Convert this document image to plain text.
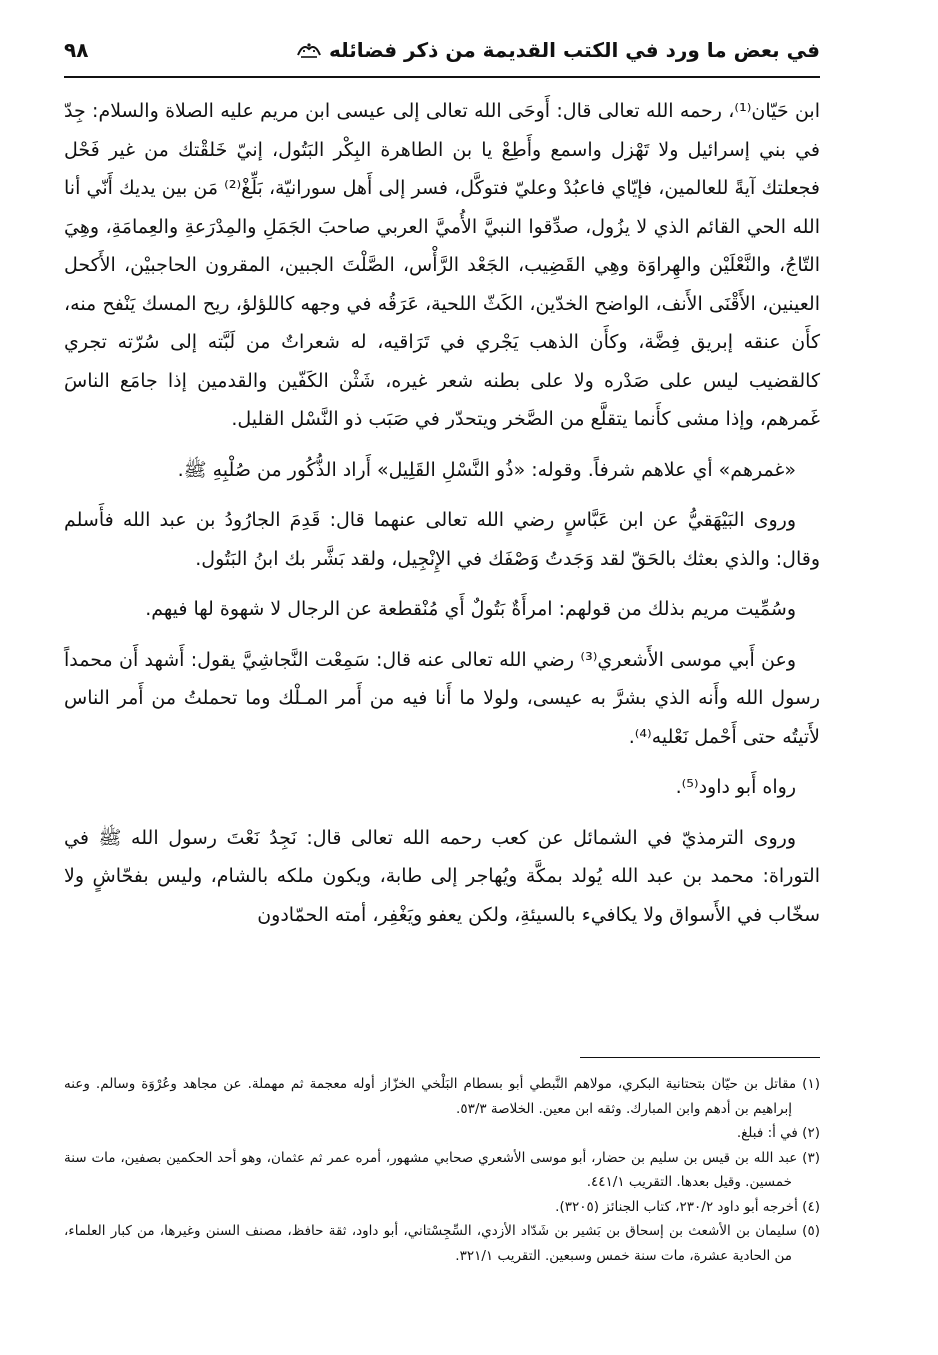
في بعض ما ورد في الكتب القديمة من ذكر فضائله
٩٨

ابن حَيّان⁽¹⁾، رحمه الله تعالى قال: أَوحَى الله تعالى إلى عيسى ابن مريم عليه الصلاة والسلام: جِدّ في بني إسرائيل ولا تَهْزل واسمع وأَطِعْ يا بن الطاهرة البِكْر البَتُول، إنيّ خَلقْتك من غير فَحْل فجعلتك آيةً للعالمين، فإيّاي فاعبُدْ وعليّ فتوكَّل، فسر إلى أَهل سورانيّة، بَلِّغْ⁽²⁾ مَن بين يديك أَنّي أنا الله الحي القائم الذي لا يزُول، صدِّقوا النبيَّ الأُميَّ العربي صاحبَ الجَمَلِ والمِدْرَعةِ والعِمامَةِ، وهِيَ التّاجُ، والنَّعْلَيْن والهِراوَة وهِي القَضِيب، الجَعْد الرَّأْس، الصَّلْتَ الجبين، المقرون الحاجبيْن، الأَكحل العينين، الأَقْنَى الأَنف، الواضح الخدّين، الكَثّ اللحية، عَرَقُه في وجهه كاللؤلؤ، ريح المسك يَنْفح منه، كأَن عنقه إبريق فِضَّة، وكأَن الذهب يَجْري في تَرَاقيه، له شعراتٌ من لَبَّته إلى سُرّته تجري كالقضيب ليس على صَدْره ولا على بطنه شعر غيره، شَثْن الكَفّين والقدمين إذا جامَع الناسَ غَمرهم، وإذا مشى كأَنما يتقلَّع من الصَّخر ويتحدّر في صَبَب ذو النَّسْل القليل.

«غمرهم» أي علاهم شرفاً. وقوله: «ذُو النَّسْلِ القَلِيل» أَراد الذُّكُور من صُلْبِهِ ﷺ.

وروى البَيْهَقيُّ عن ابن عَبَّاسٍ رضي الله تعالى عنهما قال: قَدِمَ الجارُودُ بن عبد الله فأَسلم وقال: والذي بعثك بالحَقّ لقد وَجَدتُ وَصْفَك في الإِنْجِيل، ولقد بَشَّر بك ابنُ البَتُول.

وسُمِّيت مريم بذلك من قولهم: امرأَةٌ بَتُولٌ أَي مُنْقطعة عن الرجال لا شهوة لها فيهم.

وعن أَبي موسى الأَشعري⁽³⁾ رضي الله تعالى عنه قال: سَمِعْت النَّجاشِيَّ يقول: أَشهد أَن محمداً رسول الله وأَنه الذي بشرَّ به عيسى، ولولا ما أَنا فيه من أَمر المـلْك وما تحملتُ من أَمر الناس لأَتيتُه حتى أَحْمل نَعْليه⁽⁴⁾.

رواه أَبو داود⁽⁵⁾.

وروى الترمذيّ في الشمائل عن كعب رحمه الله تعالى قال: نَجِدُ نَعْتَ رسول الله ﷺ في التوراة: محمد بن عبد الله يُولد بمكَّة ويُهاجر إلى طابة، ويكون ملكه بالشام، وليس بفحّاشٍ ولا سخّاب في الأَسواق ولا يكافيء بالسيئةِ، ولكن يعفو ويَغْفِر، أمته الحمّادون

(١) مقاتل بن حيّان بتحتانية البكري، مولاهم النَّبطي أبو بسطام البَلْخي الخزّاز أوله معجمة ثم مهملة. عن مجاهد وعُرْوَة وسالم. وعنه إبراهيم بن أدهم وابن المبارك. وثقه ابن معين. الخلاصة ٥٣/٣.

(٢) في أ: فبلغ.

(٣) عبد الله بن قيس بن سليم بن حضار، أبو موسى الأشعري صحابي مشهور، أمره عمر ثم عثمان، وهو أحد الحكمين بصفين، مات سنة خمسين. وقيل بعدها. التقريب ٤٤١/١.

(٤) أخرجه أبو داود ٢٣٠/٢، كتاب الجنائز (٣٢٠٥).

(٥) سليمان بن الأشعث بن إسحاق بن بَشير بن شَدّاد الأزدي، السِّجِسْتاني، أبو داود، ثقة حافظ، مصنف السنن وغيرها، من كبار العلماء، من الحادية عشرة، مات سنة خمس وسبعين. التقريب ٣٢١/١.
